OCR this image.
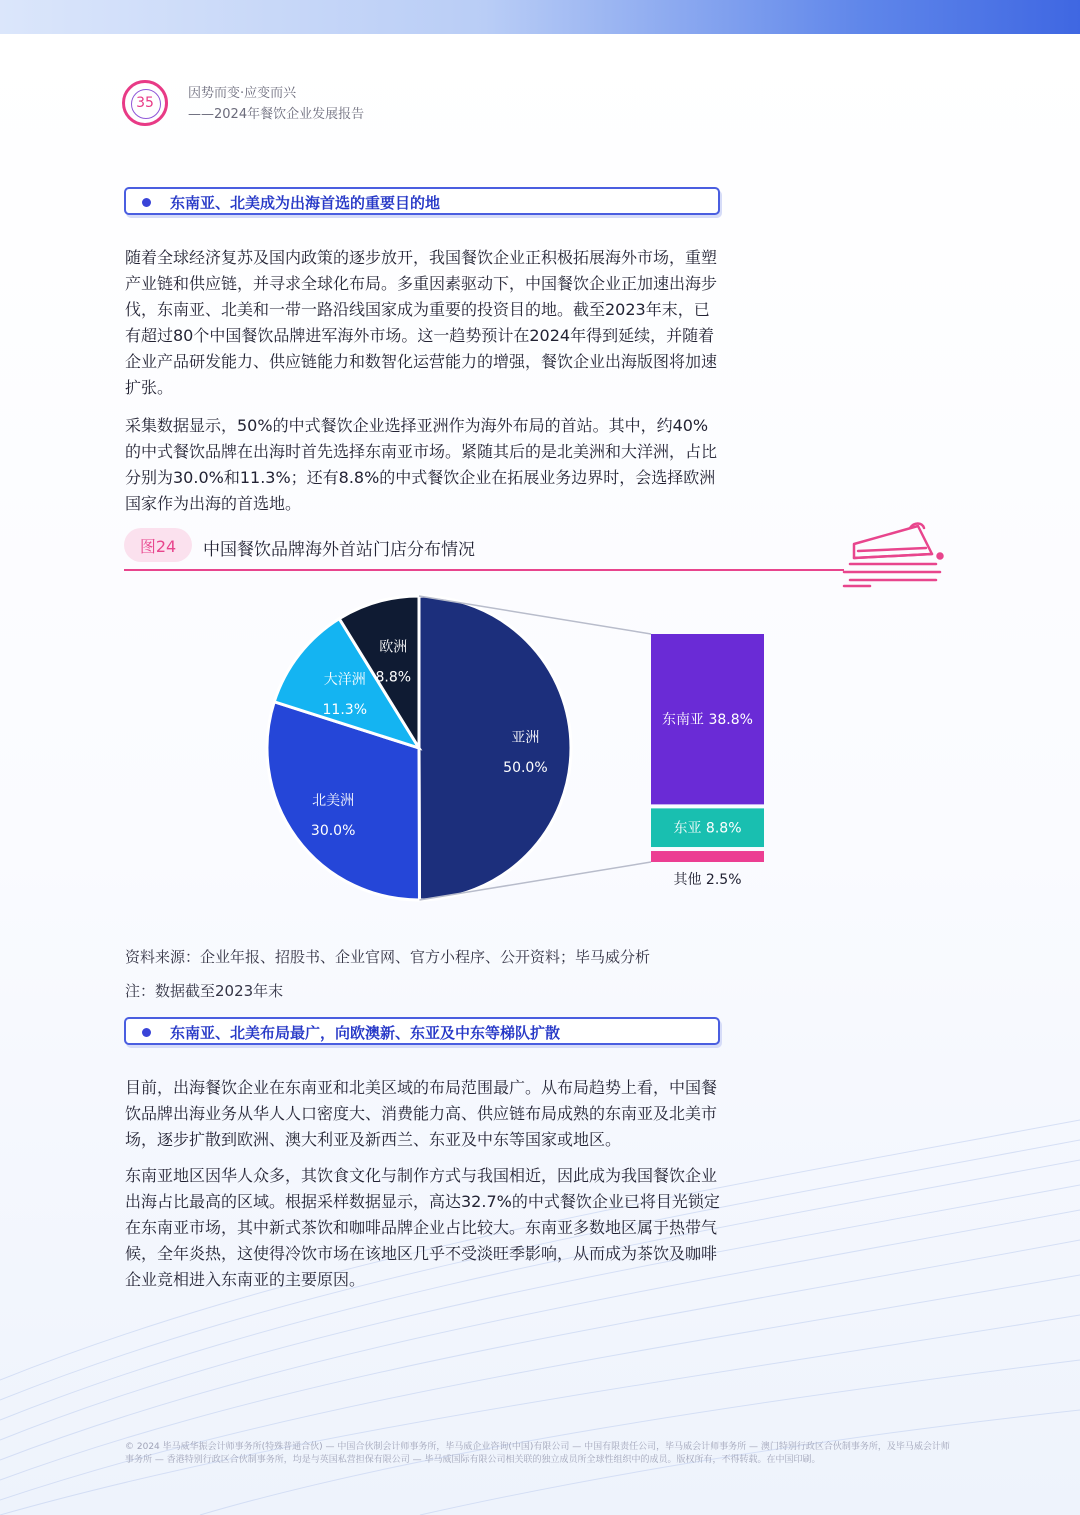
35
因势而变·应变而兴
——2024年餐饮企业发展报告
东南亚、北美成为出海首选的重要目的地

随着全球经济复苏及国内政策的逐步放开，我国餐饮企业正积极拓展海外市场，重塑产业链和供应链，并寻求全球化布局。多重因素驱动下，中国餐饮企业正加速出海步伐，东南亚、北美和一带一路沿线国家成为重要的投资目的地。截至2023年末，已有超过80个中国餐饮品牌进军海外市场。这一趋势预计在2024年得到延续，并随着企业产品研发能力、供应链能力和数智化运营能力的增强，餐饮企业出海版图将加速扩张。

采集数据显示，50%的中式餐饮企业选择亚洲作为海外布局的首站。其中，约40%的中式餐饮品牌在出海时首先选择东南亚市场。紧随其后的是北美洲和大洋洲，占比分别为30.0%和11.3%；还有8.8%的中式餐饮企业在拓展业务边界时，会选择欧洲国家作为出海的首选地。

图24	中国餐饮品牌海外首站门店分布情况
亚洲
50.0%
北美洲
30.0%
大洋洲
11.3%
欧洲
8.8%
东南亚 38.8%
东亚 8.8%
其他 2.5%
资料来源：企业年报、招股书、企业官网、官方小程序、公开资料；毕马威分析
注：数据截至2023年末
东南亚、北美布局最广，向欧澳新、东亚及中东等梯队扩散

目前，出海餐饮企业在东南亚和北美区域的布局范围最广。从布局趋势上看，中国餐饮品牌出海业务从华人人口密度大、消费能力高、供应链布局成熟的东南亚及北美市场，逐步扩散到欧洲、澳大利亚及新西兰、东亚及中东等国家或地区。

东南亚地区因华人众多，其饮食文化与制作方式与我国相近，因此成为我国餐饮企业出海占比最高的区域。根据采样数据显示，高达32.7%的中式餐饮企业已将目光锁定在东南亚市场，其中新式茶饮和咖啡品牌企业占比较大。东南亚多数地区属于热带气候，全年炎热，这使得冷饮市场在该地区几乎不受淡旺季影响，从而成为茶饮及咖啡企业竞相进入东南亚的主要原因。

© 2024 毕马威华振会计师事务所(特殊普通合伙) — 中国合伙制会计师事务所，毕马威企业咨询(中国)有限公司 — 中国有限责任公司，毕马威会计师事务所 — 澳门特别行政区合伙制事务所，及毕马威会计师事务所 — 香港特别行政区合伙制事务所，均是与英国私营担保有限公司 — 毕马威国际有限公司相关联的独立成员所全球性组织中的成员。版权所有，不得转载。在中国印刷。
